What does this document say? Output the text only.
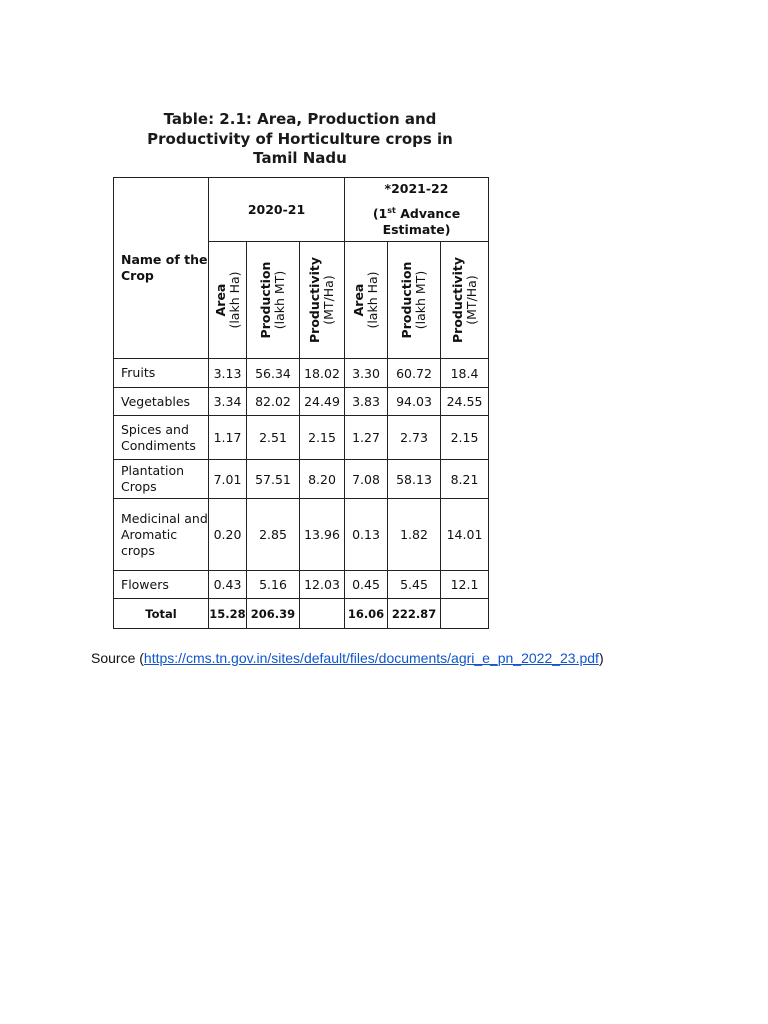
Table: 2.1: Area, Production and
Productivity of Horticulture crops in
Tamil Nadu
Name of the Crop	2020-21			*2021-22
(1st Advance
Estimate)		

	Area (lakh Ha)	Production (lakh MT)	Productivity (MT/Ha)	Area (lakh Ha)	Production (lakh MT)	Productivity (MT/Ha)

Fruits	3.13	56.34	18.02	3.30	60.72	18.4
Vegetables	3.34	82.02	24.49	3.83	94.03	24.55
Spices and Condiments	1.17	2.51	2.15	1.27	2.73	2.15
Plantation Crops	7.01	57.51	8.20	7.08	58.13	8.21
Medicinal and Aromatic crops	0.20	2.85	13.96	0.13	1.82	14.01
Flowers	0.43	5.16	12.03	0.45	5.45	12.1
Total	15.28	206.39		16.06	222.87	
Source (https://cms.tn.gov.in/sites/default/files/documents/agri_e_pn_2022_23.pdf)
